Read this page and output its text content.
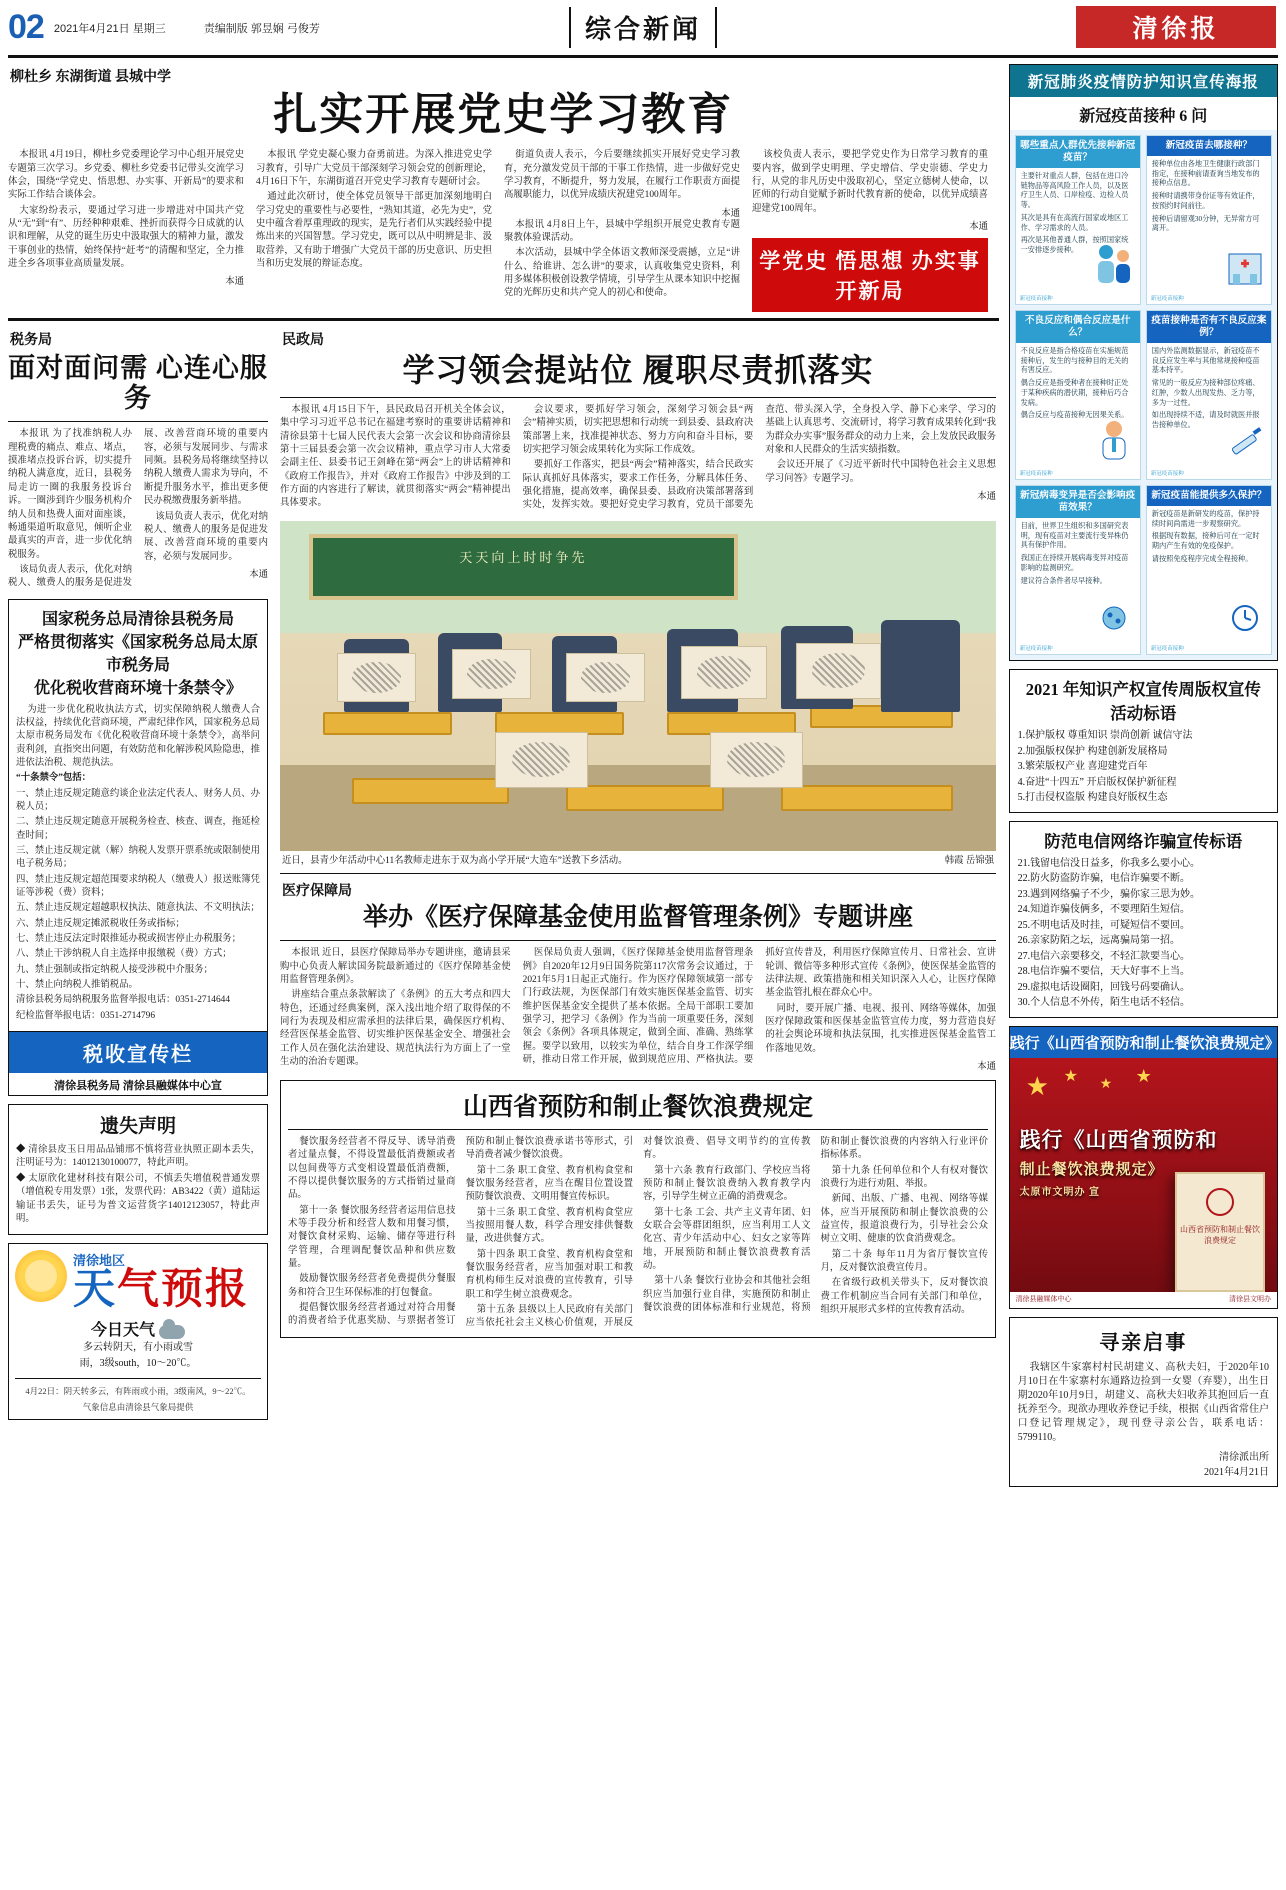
02 2021年4月21日 星期三	责编制版 郭昱娴 弓俊芳	综合新闻	清徐报
柳杜乡 东湖街道 县城中学
扎实开展党史学习教育

本报讯 4月19日，柳杜乡党委理论学习中心组开展党史专题第三次学习。乡党委、柳杜乡党委书记带头交流学习体会，围绕“学党史、悟思想、办实事、开新局”的要求和实际工作结合谈体会。

大家纷纷表示，要通过学习进一步增进对中国共产党从“无”到“有”、历经种种艰难、挫折而获得今日成就的认识和理解，从党的诞生历史中汲取强大的精神力量，激发干事创业的热情，始终保持“赶考”的清醒和坚定，全力推进全乡各项事业高质量发展。

本通

本报讯 学党史凝心聚力奋勇前进。为深入推进党史学习教育，引导广大党员干部深刻学习领会党的创新理论，4月16日下午，东湖街道召开党史学习教育专题研讨会。

通过此次研讨，使全体党员领导干部更加深刻地明白学习党史的重要性与必要性，“熟知其道，必先为史”，党史中蕴含着厚重理政的现实，是先行者们从实践经验中提炼出来的兴国智慧。学习党史，既可以从中明辨是非、汲取营养，又有助于增强广大党员干部的历史意识、历史担当和历史发展的辩证态度。

街道负责人表示，今后要继续抓实开展好党史学习教育，充分激发党员干部的干事工作热情，进一步做好党史学习教育，不断提升，努力发展，在履行工作职责方面提高履职能力，以优异成绩庆祝建党100周年。

本通

本报讯 4月8日上午，县城中学组织开展党史教育专题聚教体验课活动。

本次活动，县城中学全体语文教师深受震撼，立足“讲什么、给谁讲、怎么讲”的要求，认真收集党史资料，利用多媒体积极创设教学情境，引导学生从课本知识中挖掘党的光辉历史和共产党人的初心和使命。

该校负责人表示，要把学党史作为日常学习教育的重要内容，做到学史明理、学史增信、学史崇德、学史力行，从党的非凡历史中汲取初心，坚定立德树人使命，以匠师的行动自觉赋予新时代教育新的使命，以优异成绩喜迎建党100周年。

本通
学党史 悟思想 办实事 开新局
税务局
面对面问需 心连心服务

本报讯 为了找准纳税人办理税费的痛点、难点、堵点，摸准堵点投诉台诉，切实提升纳税人满意度，近日，县税务局走访一圈的我服务投诉台诉。一圈涉到许少服务机构介纳人员和热费人面对面座谈，畅通渠道听取意见，倾听企业最真实的声音，进一步优化纳税服务。

该局负责人表示，优化对纳税人、缴费人的服务是促进发展、改善营商环境的重要内容，必须与发展同步、与需求同频。县税务局将继续坚持以纳税人缴费人需求为导向，不断提升服务水平，推出更多便民办税缴费服务新举措。

该局负责人表示，优化对纳税人、缴费人的服务是促进发展、改善营商环境的重要内容，必须与发展同步。

本通
国家税务总局清徐县税务局
严格贯彻落实《国家税务总局太原市税务局
优化税收营商环境十条禁令》

为进一步优化税收执法方式，切实保障纳税人缴费人合法权益，持续优化营商环境，严肃纪律作风，国家税务总局太原市税务局发布《优化税收营商环境十条禁令》，高举问责利剑，直指突出问题，有效防范和化解涉税风险隐患，推进依法治税、规范执法。

“十条禁令”包括：

一、禁止违反规定随意约谈企业法定代表人、财务人员、办税人员；

二、禁止违反规定随意开展税务检查、核查、调查，拖延检查时间；

三、禁止违反规定就（解）纳税人发票开票系统或限制使用电子税务局；

四、禁止违反规定超范围要求纳税人（缴费人）报送账簿凭证等涉税（费）资料；

五、禁止违反规定超越职权执法、随意执法、不文明执法；

六、禁止违反规定摊派税收任务或指标；

七、禁止违反法定时限推延办税或损害停止办税服务；

八、禁止干涉纳税人自主选择申报缴税（费）方式；

九、禁止强制或指定纳税人接受涉税中介服务；

十、禁止向纳税人推销税品。

清徐县税务局纳税服务监督举报电话：0351-2714644

纪检监督举报电话：0351-2714796

税收宣传栏
清徐县税务局 清徐县融媒体中心宣
遗失声明

◆ 清徐县皮玉日用品品铺邢不慎将营业执照正副本丢失，注明证号为：14012130100077，特此声明。

◆ 太原欣化建材科技有限公司，不慎丢失增值税普通发票（增值税专用发票）1张，发票代码：AB3422（黄）道陆运输证书丢失，证号为普文运营货字14012123057，特此声明。

清徐地区
天气预报
今日天气
多云转阴天，有小雨或雪
雨，3级south，10～20℃。
4月22日：阴天转多云，有阵雨或小雨，3级南风，9～22℃。
气象信息由清徐县气象局提供
民政局
学习领会提站位 履职尽责抓落实

本报讯 4月15日下午，县民政局召开机关全体会议，集中学习习近平总书记在福建考察时的重要讲话精神和清徐县第十七届人民代表大会第一次会议和协商清徐县第十三届县委会第一次会议精神，重点学习市人大常委会副主任、县委书记王剑峰在第“两会”上的讲话精神和《政府工作报告》，并对《政府工作报告》中涉及到的工作方面的内容进行了解读，就贯彻落实“两会”精神提出具体要求。

会议要求，要抓好学习领会，深刻学习领会县“两会”精神实质，切实把思想和行动统一到县委、县政府决策部署上来，找准提神状态、努力方向和奋斗目标，要切实把学习领会成果转化为实际工作成效。

要抓好工作落实，把县“两会”精神落实，结合民政实际认真抓好具体落实，要求工作任务，分解具体任务、强化措施，提高效率，确保县委、县政府决策部署落到实处，发挥实效。要把好党史学习教育，党员干部要先查范、带头深入学，全身投入学、静下心来学、学习的基础上认真思考、交流研讨，将学习教育成果转化到“我为群众办实事”服务群众的动力上来，会上发放民政服务对象和人民群众的生活实绩指数。

会议还开展了《习近平新时代中国特色社会主义思想学习问答》专题学习。

本通
天天向上时时争先
近日，县青少年活动中心11名教师走进东于双为高小学开展“大造车”送教下乡活动。	韩霞 岳锦强
医疗保障局
举办《医疗保障基金使用监督管理条例》专题讲座

本报讯 近日，县医疗保障局举办专题讲座，邀请县采购中心负责人解读国务院最新通过的《医疗保障基金使用监督管理条例》。

讲座结合重点条款解读了《条例》的五大考点和四大特色，还通过经典案例，深入浅出地介绍了取得保的不同行为表现及相应需承担的法律后果，确保医疗机构、经营医保基金监管、切实维护医保基金安全、增强社会工作人员在强化法治建设、规范执法行为方面上了一堂生动的治治专题课。

医保局负责人强调，《医疗保障基金使用监督管理条例》自2020年12月9日国务院第117次常务会议通过，于2021年5月1日起正式施行。作为医疗保障领域第一部专门行政法规，为医保部门有效实施医保基金监管、切实维护医保基金安全提供了基本依据。全局干部职工要加强学习，把学习《条例》作为当前一项重要任务，深刻领会《条例》各项具体规定，做到全面、准确、熟练掌握。要学以致用，以较实为单位，结合自身工作深学细研，推动日常工作开展，做到规范应用、严格执法。要抓好宣传普及，利用医疗保障宣传月、日常社会、宣讲轮训、微信等多种形式宣传《条例》，使医保基金监管的法律法规、政策措施和相关知识深入人心，让医疗保障基金监管扎根在群众心中。

同时，要开展广播、电视、报刊、网络等媒体，加强医疗保障政策和医保基金监管宣传力度，努力营造良好的社会舆论环境和执法氛围，扎实推进医保基金监管工作落地见效。

本通
山西省预防和制止餐饮浪费规定

餐饮服务经营者不得反导、诱导消费者过量点餐，不得设置最低消费额或者以包间费等方式变相设置最低消费额，不得以提供餐饮服务的方式指销过量商品。

第十一条 餐饮服务经营者运用信息技术等手段分析和经营人数和用餐习惯，对餐饮食材采购、运输、储存等进行科学管理，合理调配餐饮品种和供应数量。

鼓励餐饮服务经营者免费提供分餐服务和符合卫生环保标准的打包餐盒。

提倡餐饮服务经营者通过对符合用餐的消费者给予优惠奖励、与票据者签订预防和制止餐饮浪费承诺书等形式，引导消费者减少餐饮浪费。

第十二条 职工食堂、教育机构食堂和餐饮服务经营者，应当在醒目位置设置预防餐饮浪费、文明用餐宣传标识。

第十三条 职工食堂、教育机构食堂应当按照用餐人数，科学合理安排供餐数量，改进供餐方式。

第十四条 职工食堂、教育机构食堂和餐饮服务经营者，应当加强对职工和教育机构师生反对浪费的宣传教育，引导职工和学生树立浪费观念。

第十五条 县级以上人民政府有关部门应当依托社会主义核心价值观，开展反对餐饮浪费、倡导文明节约的宣传教育。

第十六条 教育行政部门、学校应当将预防和制止餐饮浪费纳入教育教学内容，引导学生树立正确的消费观念。

第十七条 工会、共产主义青年团、妇女联合会等群团组织，应当利用工人文化宫、青少年活动中心、妇女之家等阵地，开展预防和制止餐饮浪费教育活动。

第十八条 餐饮行业协会和其他社会组织应当加强行业自律，实施预防和制止餐饮浪费的团体标准和行业规范，将预防和制止餐饮浪费的内容纳入行业评价指标体系。

第十九条 任何单位和个人有权对餐饮浪费行为进行劝阻、举报。

新闻、出版、广播、电视、网络等媒体，应当开展预防和制止餐饮浪费的公益宣传，报道浪费行为，引导社会公众树立文明、健康的饮食消费观念。

第二十条 每年11月为省厅餐饮宣传月，反对餐饮浪费宣传月。

在省级行政机关带头下，反对餐饮浪费工作机制应当合同有关部门和单位，组织开展形式多样的宣传教育活动。

新冠肺炎疫情防护知识宣传海报
新冠疫苗接种 6 问
哪些重点人群优先接种新冠疫苗？

主要针对重点人群，包括在进口冷链物品等高风险工作人员，以及医疗卫生人员、口岸检疫、边检人员等。

其次是具有在高流行国家或地区工作、学习需求的人员。

再次是其他普通人群，按照国家统一安排逐步接种。

新冠疫苗接种
新冠疫苗去哪接种？

接种单位由各地卫生健康行政部门指定，在接种前请查询当地发布的接种点信息。

接种时请携带身份证等有效证件，按预约时间前往。

接种后请留观30分钟，无异常方可离开。

新冠疫苗接种
不良反应和偶合反应是什么？

不良反应是指合格疫苗在实施规范接种后，发生的与接种目的无关的有害反应。

偶合反应是指受种者在接种时正处于某种疾病的潜伏期，接种后巧合发病。

偶合反应与疫苗接种无因果关系。

新冠疫苗接种
疫苗接种是否有不良反应案例？

国内外监测数据显示，新冠疫苗不良反应发生率与其他常规接种疫苗基本持平。

常见的一般反应为接种部位疼痛、红肿，少数人出现发热、乏力等，多为一过性。

如出现持续不适，请及时就医并报告接种单位。

新冠疫苗接种
新冠病毒变异是否会影响疫苗效果？

目前，世界卫生组织和多国研究表明，现有疫苗对主要流行变异株仍具有保护作用。

我国正在持续开展病毒变异对疫苗影响的监测研究。

建议符合条件者尽早接种。

新冠疫苗接种
新冠疫苗能提供多久保护？

新冠疫苗是新研发的疫苗，保护持续时间尚需进一步观察研究。

根据现有数据，接种后可在一定时期内产生有效的免疫保护。

请按照免疫程序完成全程接种。

新冠疫苗接种
2021 年知识产权宣传周版权宣传活动标语
1.保护版权 尊重知识 崇尚创新 诚信守法
2.加强版权保护 构建创新发展格局
3.繁荣版权产业 喜迎建党百年
4.奋进“十四五” 开启版权保护新征程
5.打击侵权盗版 构建良好版权生态
防范电信网络诈骗宣传标语
21.钱留电信没日益多，你我多么要小心。
22.防火防盗防诈骗，电信诈骗要不断。
23.遇到网络骗子不少，骗你家三思为妙。
24.知道诈骗伎俩多，不要理陌生短信。
25.不明电话及时挂，可疑短信不要回。
26.亲家防陌之坛，远离骗局第一招。
27.电信六亲要移交，不轻汇款要当心。
28.电信诈骗不要信，天大好事不上当。
29.虚拟电话设圈阳，回钱号码要确认。
30.个人信息不外传，陌生电话不轻信。
践行《山西省预防和制止餐饮浪费规定》
★ ★ ★ ★
践行《山西省预防和
制止餐饮浪费规定》
太原市文明办 宣
山西省预防和制止餐饮浪费规定
清徐县融媒体中心	清徐县文明办
寻亲启事

我辖区牛家寨村村民胡建义、高秋夫妇，于2020年10月10日在牛家寨村东通路边捡到一女婴（弃婴），出生日期2020年10月9日，胡建义、高秋夫妇收养其抱回后一直抚养至今。现欲办理收养登记手续，根据《山西省常住户口登记管理规定》，现刊登寻亲公告，联系电话：5799110。

清徐派出所
2021年4月21日
